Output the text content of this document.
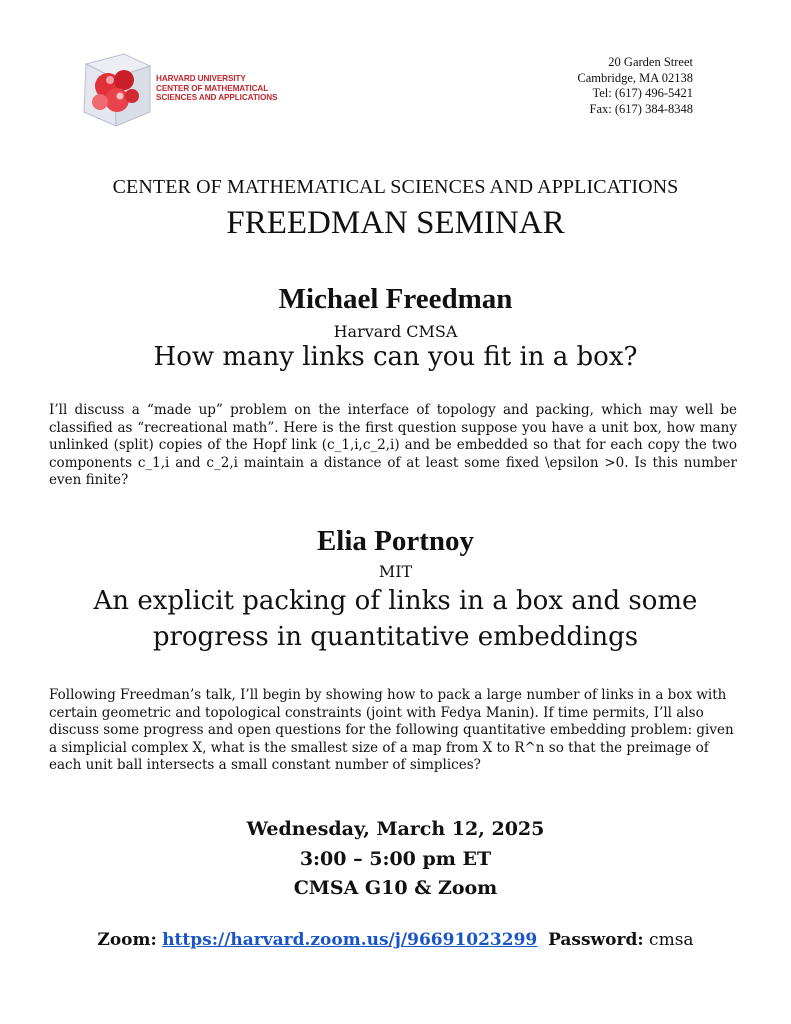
HARVARD UNIVERSITY
CENTER OF MATHEMATICAL
SCIENCES AND APPLICATIONS
20 Garden Street
Cambridge, MA 02138
Tel: (617) 496-5421
Fax: (617) 384-8348
CENTER OF MATHEMATICAL SCIENCES AND APPLICATIONS
FREEDMAN SEMINAR
Michael Freedman
Harvard CMSA
How many links can you fit in a box?
I’ll discuss a “made up” problem on the interface of topology and packing, which may well be classified as “recreational math”. Here is the first question suppose you have a unit box, how many unlinked (split) copies of the Hopf link (c_1,i,c_2,i) and be embedded so that for each copy the two components c_1,i and c_2,i maintain a distance of at least some fixed \epsilon >0. Is this number even finite?
Elia Portnoy
MIT
An explicit packing of links in a box and some
progress in quantitative embeddings
Following Freedman’s talk, I’ll begin by showing how to pack a large number of links in a box with certain geometric and topological constraints (joint with Fedya Manin). If time permits, I’ll also discuss some progress and open questions for the following quantitative embedding problem: given a simplicial complex X, what is the smallest size of a map from X to R^n so that the preimage of each unit ball intersects a small constant number of simplices?
Wednesday, March 12, 2025
3:00 – 5:00 pm ET
CMSA G10 & Zoom
Zoom: https://harvard.zoom.us/j/96691023299 Password: cmsa
